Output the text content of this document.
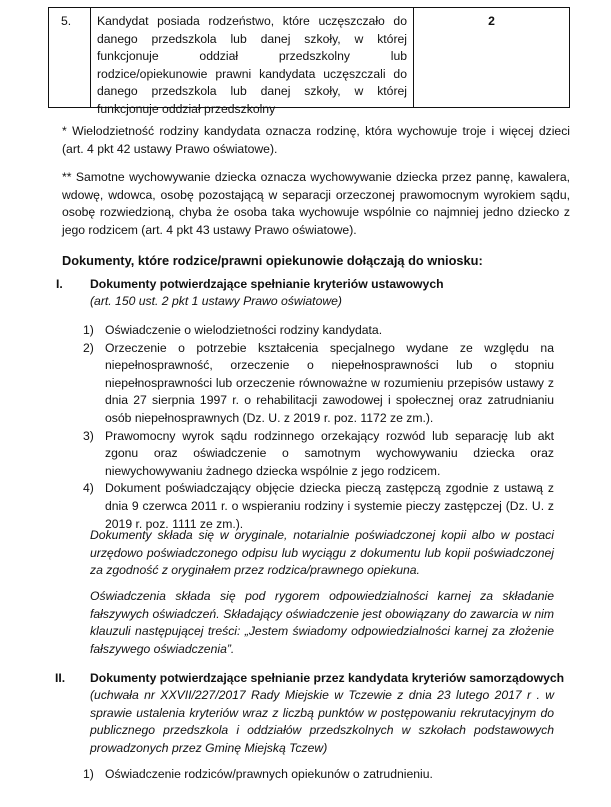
5. Kandydat posiada rodzeństwo, które uczęszczało do danego przedszkola lub danej szkoły, w której funkcjonuje oddział przedszkolny lub rodzice/opiekunowie prawni kandydata uczęszczali do danego przedszkola lub danej szkoły, w której funkcjonuje oddział przedszkolny
2
* Wielodzietność rodziny kandydata oznacza rodzinę, która wychowuje troje i więcej dzieci (art. 4 pkt 42 ustawy Prawo oświatowe).
** Samotne wychowywanie dziecka oznacza wychowywanie dziecka przez pannę, kawalera, wdowę, wdowca, osobę pozostającą w separacji orzeczonej prawomocnym wyrokiem sądu, osobę rozwiedzioną, chyba że osoba taka wychowuje wspólnie co najmniej jedno dziecko z jego rodzicem (art. 4 pkt 43 ustawy Prawo oświatowe).
Dokumenty, które rodzice/prawni opiekunowie dołączają do wniosku:
I. Dokumenty potwierdzające spełnianie kryteriów ustawowych
(art. 150 ust. 2 pkt 1 ustawy Prawo oświatowe)
1) Oświadczenie o wielodzietności rodziny kandydata.
2) Orzeczenie o potrzebie kształcenia specjalnego wydane ze względu na niepełnosprawność, orzeczenie o niepełnosprawności lub o stopniu niepełnosprawności lub orzeczenie równoważne w rozumieniu przepisów ustawy z dnia 27 sierpnia 1997 r. o rehabilitacji zawodowej i społecznej oraz zatrudnianiu osób niepełnosprawnych (Dz. U. z 2019 r. poz. 1172 ze zm.).
3) Prawomocny wyrok sądu rodzinnego orzekający rozwód lub separację lub akt zgonu oraz oświadczenie o samotnym wychowywaniu dziecka oraz niewychowywaniu żadnego dziecka wspólnie z jego rodzicem.
4) Dokument poświadczający objęcie dziecka pieczą zastępczą zgodnie z ustawą z dnia 9 czerwca 2011 r. o wspieraniu rodziny i systemie pieczy zastępczej (Dz. U. z 2019 r. poz. 1111 ze zm.).
Dokumenty składa się w oryginale, notarialnie poświadczonej kopii albo w postaci urzędowo poświadczonego odpisu lub wyciągu z dokumentu lub kopii poświadczonej za zgodność z oryginałem przez rodzica/prawnego opiekuna.
Oświadczenia składa się pod rygorem odpowiedzialności karnej za składanie fałszywych oświadczeń. Składający oświadczenie jest obowiązany do zawarcia w nim klauzuli następującej treści: „Jestem świadomy odpowiedzialności karnej za złożenie fałszywego oświadczenia”.
II. Dokumenty potwierdzające spełnianie przez kandydata kryteriów samorządowych
(uchwała nr XXVII/227/2017 Rady Miejskie w Tczewie z dnia 23 lutego 2017 r . w sprawie ustalenia kryteriów wraz z liczbą punktów w postępowaniu rekrutacyjnym do publicznego przedszkola i oddziałów przedszkolnych w szkołach podstawowych prowadzonych przez Gminę Miejską Tczew)
1) Oświadczenie rodziców/prawnych opiekunów o zatrudnieniu.
